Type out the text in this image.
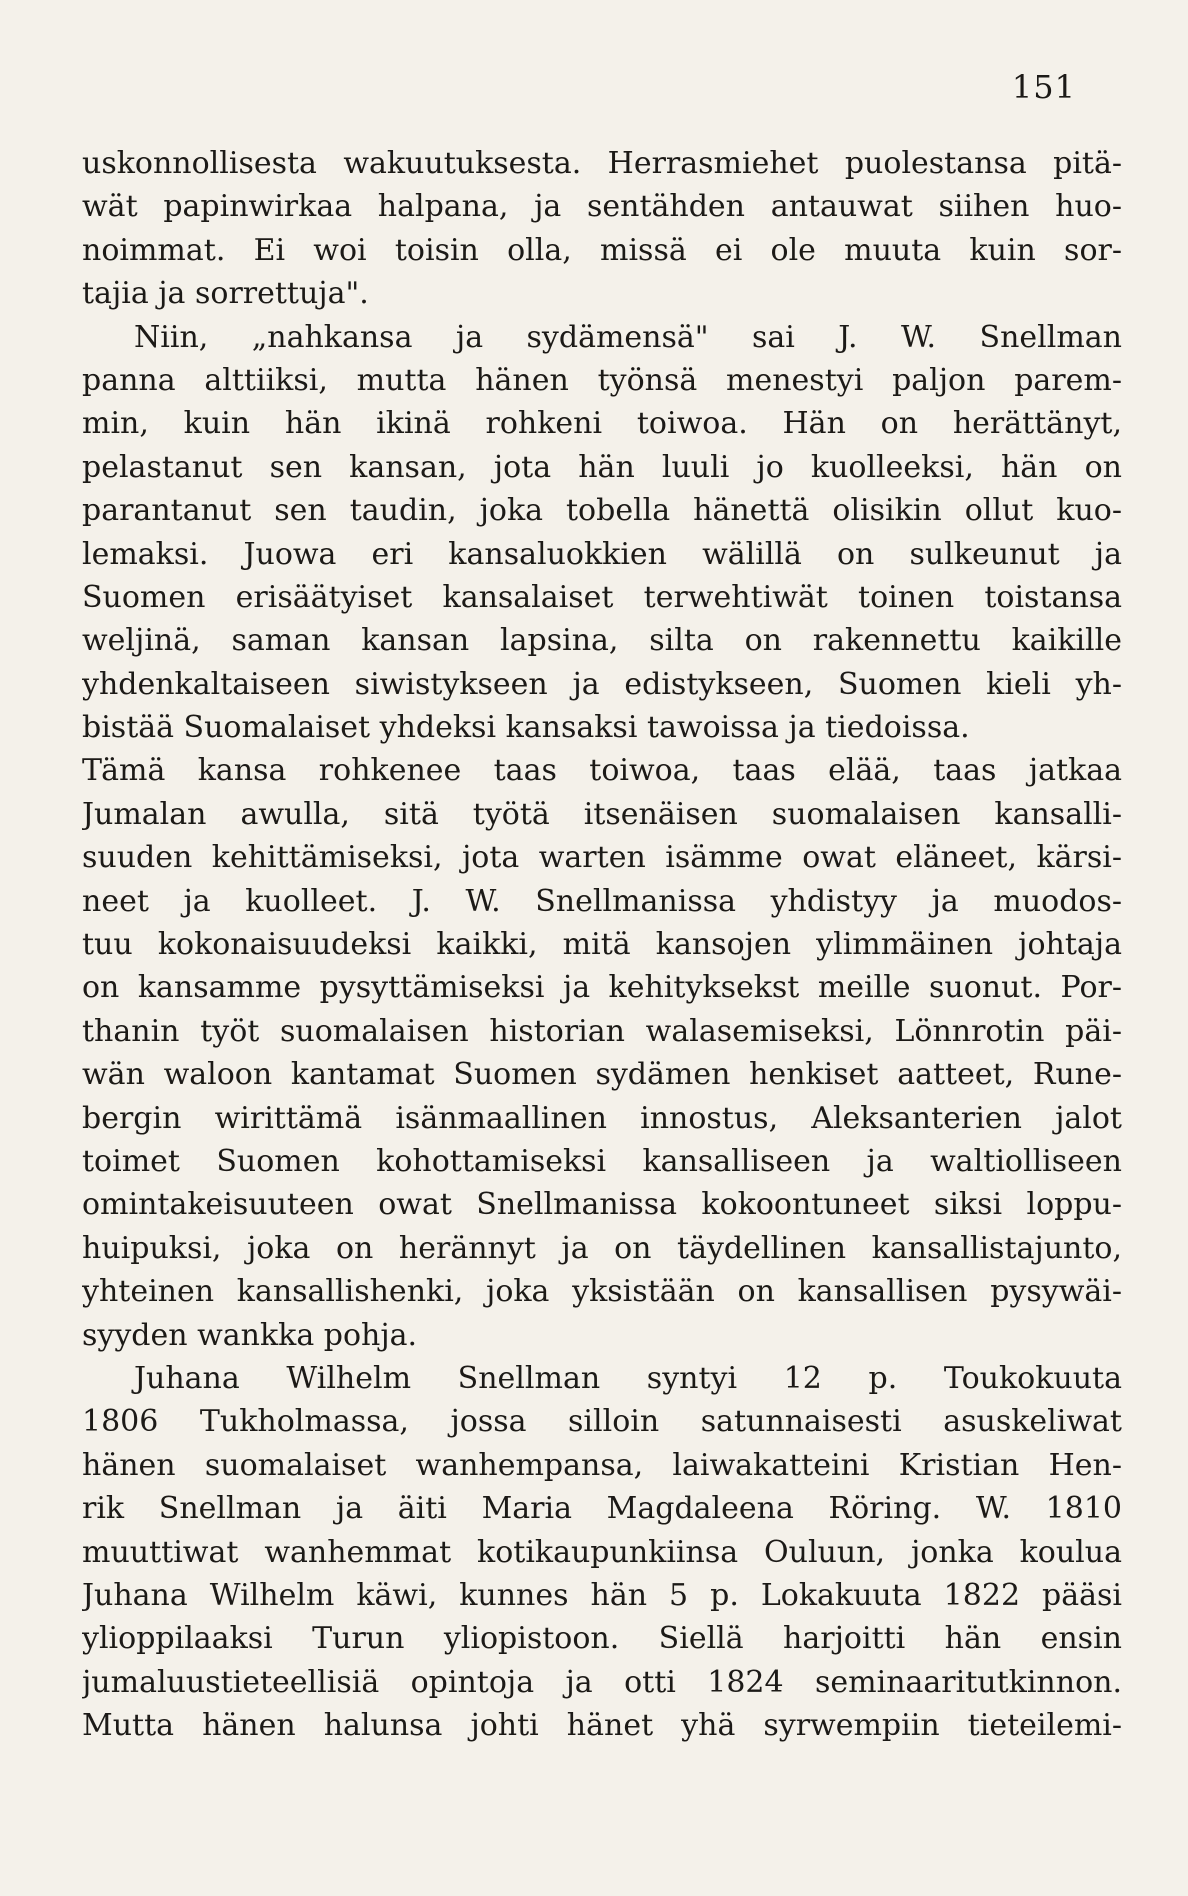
151
uskonnollisesta wakuutuksesta. Herrasmiehet puolestansa pitä-
wät papinwirkaa halpana, ja sentähden antauwat siihen huo-
noimmat. Ei woi toisin olla, missä ei ole muuta kuin sor-
tajia ja sorrettuja".
Niin, „nahkansa ja sydämensä" sai J. W. Snellman
panna alttiiksi, mutta hänen työnsä menestyi paljon parem-
min, kuin hän ikinä rohkeni toiwoa. Hän on herättänyt,
pelastanut sen kansan, jota hän luuli jo kuolleeksi, hän on
parantanut sen taudin, joka tobella hänettä olisikin ollut kuo-
lemaksi. Juowa eri kansaluokkien wälillä on sulkeunut ja
Suomen erisäätyiset kansalaiset terwehtiwät toinen toistansa
weljinä, saman kansan lapsina, silta on rakennettu kaikille
yhdenkaltaiseen siwistykseen ja edistykseen, Suomen kieli yh-
bistää Suomalaiset yhdeksi kansaksi tawoissa ja tiedoissa.
Tämä kansa rohkenee taas toiwoa, taas elää, taas jatkaa
Jumalan awulla, sitä työtä itsenäisen suomalaisen kansalli-
suuden kehittämiseksi, jota warten isämme owat eläneet, kärsi-
neet ja kuolleet. J. W. Snellmanissa yhdistyy ja muodos-
tuu kokonaisuudeksi kaikki, mitä kansojen ylimmäinen johtaja
on kansamme pysyttämiseksi ja kehityksekst meille suonut. Por-
thanin työt suomalaisen historian walasemiseksi, Lönnrotin päi-
wän waloon kantamat Suomen sydämen henkiset aatteet, Rune-
bergin wirittämä isänmaallinen innostus, Aleksanterien jalot
toimet Suomen kohottamiseksi kansalliseen ja waltiolliseen
omintakeisuuteen owat Snellmanissa kokoontuneet siksi loppu-
huipuksi, joka on herännyt ja on täydellinen kansallistajunto,
yhteinen kansallishenki, joka yksistään on kansallisen pysywäi-
syyden wankka pohja.
Juhana Wilhelm Snellman syntyi 12 p. Toukokuuta
1806 Tukholmassa, jossa silloin satunnaisesti asuskeliwat
hänen suomalaiset wanhempansa, laiwakatteini Kristian Hen-
rik Snellman ja äiti Maria Magdaleena Röring. W. 1810
muuttiwat wanhemmat kotikaupunkiinsa Ouluun, jonka koulua
Juhana Wilhelm käwi, kunnes hän 5 p. Lokakuuta 1822 pääsi
ylioppilaaksi Turun yliopistoon. Siellä harjoitti hän ensin
jumaluustieteellisiä opintoja ja otti 1824 seminaaritutkinnon.
Mutta hänen halunsa johti hänet yhä syrwempiin tieteilemi-
